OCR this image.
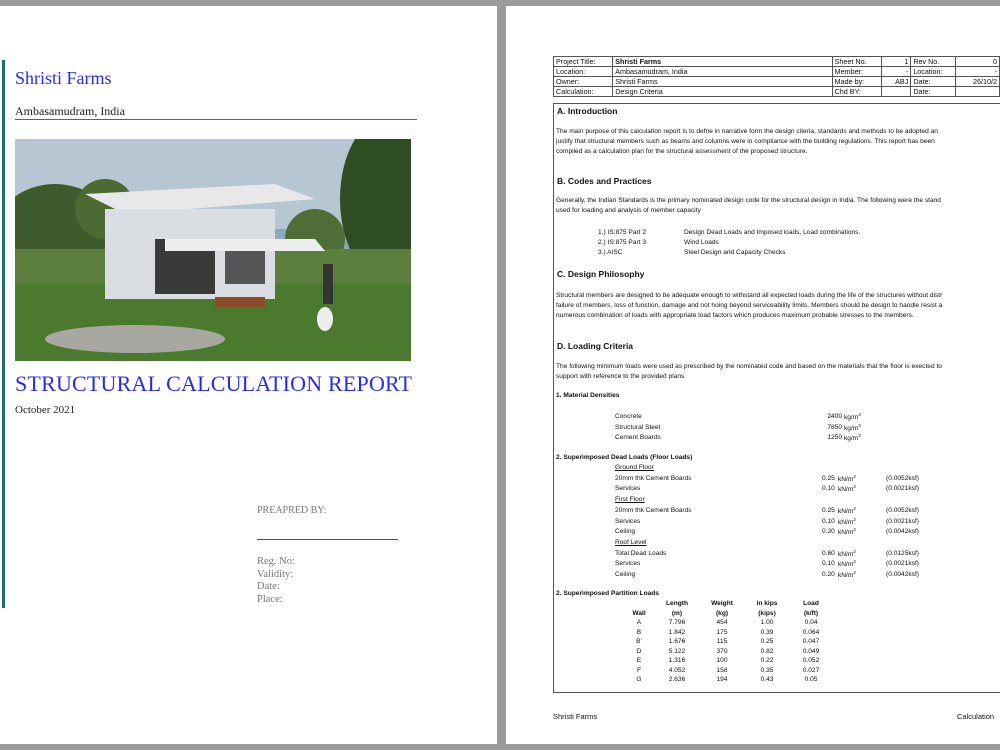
Shristi Farms
Ambasamudram, India
STRUCTURAL CALCULATION REPORT
October 2021
PREAPRED BY:
Reg. No:
Validity:
Date:
Place:
Project Title:	Shristi Farms	Sheet No.	1	Rev No.	0
Location:	Ambasamudram, India	Member:	-	Location:	-
Owner:	Shristi Farms	Made by:	ABJ	Date:	26/10/2
Calculation:	Design Criteria	Chd BY:		Date:	
A. Introduction
The main purpose of this calculation report is to defne in narrative form the design citeria, standards and methods to be adopted an
justify that structural members such as beams and columns were in compliance with the building regulations. This report has been
compiled as a calculation plan for the structural assessment of the proposed structure.
B. Codes and Practices
Generally, the Indian Standards is the primary nominated design code for the structural design in India. The following were the stand
used for loading and analysis of member capacity
1.) IS:875 Part 2	Design Dead Loads and Imposed loads, Load combinations.
2.) IS:875 Part 3	Wind Loads
3.) AISC	Steel Design and Capacity Checks
C. Design Philosophy
Structural members are designed to be adequate enough to withstand all expected loads during the life of the structures without distr
failure of members, loss of function, damage and not hoing beyond serviceability limits. Members should be design to handle resist a
numerous combination of loads with appropriate load factors which produces maximum probable stresses to the members.
D. Loading Criteria
The following minimum loads were used as prescribed by the nominated code and based on the materials that the floor is exected to
support with reference to the provided plans
1. Material Densities
Concrete	2400 $kg/m^3$
Structural Steel	7850 $kg/m^3$
Cement Boards	1250 $kg/m^3$
2. Superimposed Dead Loads (Floor Loads)
Ground Floor
20mm thk Cement Boards	0.25 $kN/m^2$	(0.0052ksf)
Services	0.10 $kN/m^2$	(0.0021ksf)
First Floor
20mm thk Cement Boards	0.25 $kN/m^2$	(0.0052ksf)
Services	0.10 $kN/m^2$	(0.0021ksf)
Ceiling	0.20 $kN/m^2$	(0.0042ksf)
Roof Level
Total Dead Loads	0.60 $kN/m^2$	(0.0125ksf)
Services	0.10 $kN/m^2$	(0.0021ksf)
Ceiling	0.20 $kN/m^2$	(0.0042ksf)
2. Superimposed Partition Loads
	Length	Weight	in kips	Load
Wall	(m)	(kg)	(kips)	(k/ft)
A	7.796	454	1.00	0.04
B	1.842	175	0.39	0.064
B'	1.676	115	0.25	0.047
D	5.122	370	0.82	0.049
E	1.316	100	0.22	0.052
F	4.052	158	0.35	0.027
G	2.636	194	0.43	0.05
Shristi Farms	Calculation
